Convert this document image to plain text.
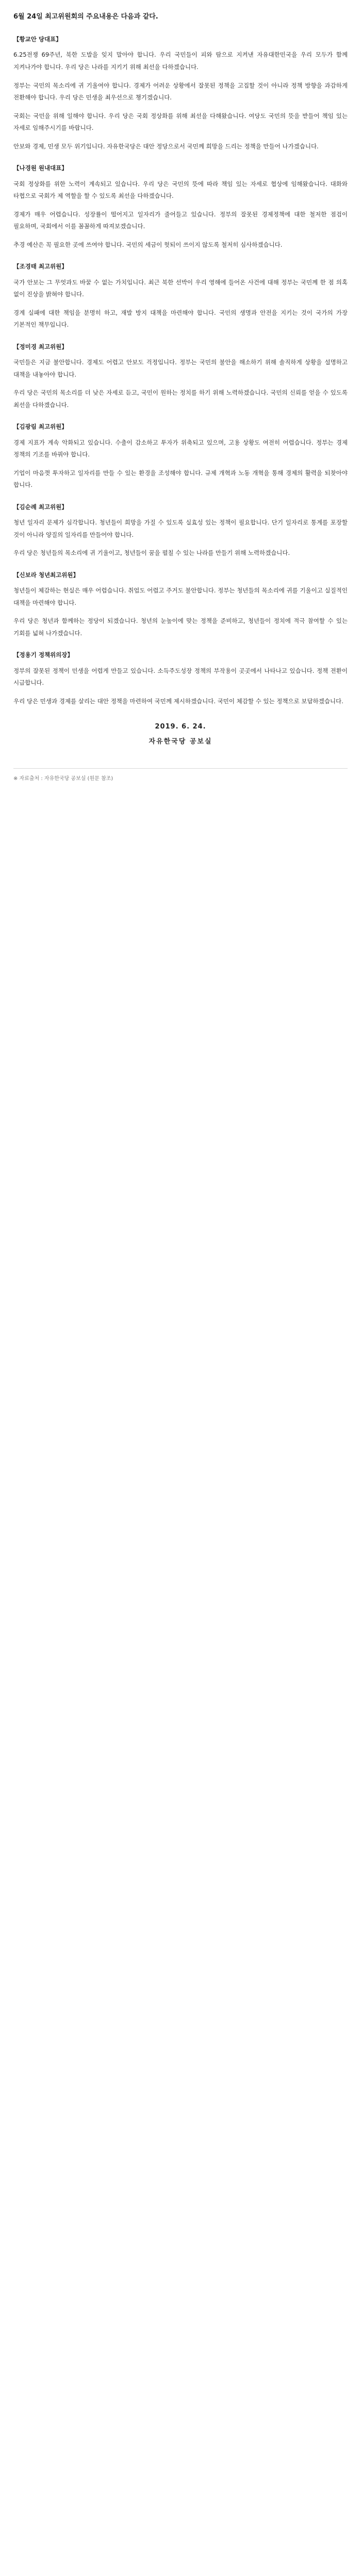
6월 24일 최고위원회의 주요내용은 다음과 같다.
【황교안 당대표】

6.25전쟁 69주년, 북한 도발을 잊지 말아야 합니다. 우리 국민들이 피와 땀으로 지켜낸 자유대한민국을 우리 모두가 함께 지켜나가야 합니다. 우리 당은 나라를 지키기 위해 최선을 다하겠습니다.

정부는 국민의 목소리에 귀 기울여야 합니다. 경제가 어려운 상황에서 잘못된 정책을 고집할 것이 아니라 정책 방향을 과감하게 전환해야 합니다. 우리 당은 민생을 최우선으로 챙기겠습니다.

국회는 국민을 위해 일해야 합니다. 우리 당은 국회 정상화를 위해 최선을 다해왔습니다. 여당도 국민의 뜻을 받들어 책임 있는 자세로 임해주시기를 바랍니다.

안보와 경제, 민생 모두 위기입니다. 자유한국당은 대안 정당으로서 국민께 희망을 드리는 정책을 만들어 나가겠습니다.

【나경원 원내대표】

국회 정상화를 위한 노력이 계속되고 있습니다. 우리 당은 국민의 뜻에 따라 책임 있는 자세로 협상에 임해왔습니다. 대화와 타협으로 국회가 제 역할을 할 수 있도록 최선을 다하겠습니다.

경제가 매우 어렵습니다. 성장률이 떨어지고 일자리가 줄어들고 있습니다. 정부의 잘못된 경제정책에 대한 철저한 점검이 필요하며, 국회에서 이를 꼼꼼하게 따져보겠습니다.

추경 예산은 꼭 필요한 곳에 쓰여야 합니다. 국민의 세금이 헛되이 쓰이지 않도록 철저히 심사하겠습니다.

【조경태 최고위원】

국가 안보는 그 무엇과도 바꿀 수 없는 가치입니다. 최근 북한 선박이 우리 영해에 들어온 사건에 대해 정부는 국민께 한 점 의혹 없이 진상을 밝혀야 합니다.

경계 실패에 대한 책임을 분명히 하고, 재발 방지 대책을 마련해야 합니다. 국민의 생명과 안전을 지키는 것이 국가의 가장 기본적인 책무입니다.

【정미경 최고위원】

국민들은 지금 불안합니다. 경제도 어렵고 안보도 걱정입니다. 정부는 국민의 불안을 해소하기 위해 솔직하게 상황을 설명하고 대책을 내놓아야 합니다.

우리 당은 국민의 목소리를 더 낮은 자세로 듣고, 국민이 원하는 정치를 하기 위해 노력하겠습니다. 국민의 신뢰를 얻을 수 있도록 최선을 다하겠습니다.

【김광림 최고위원】

경제 지표가 계속 악화되고 있습니다. 수출이 감소하고 투자가 위축되고 있으며, 고용 상황도 여전히 어렵습니다. 정부는 경제 정책의 기조를 바꿔야 합니다.

기업이 마음껏 투자하고 일자리를 만들 수 있는 환경을 조성해야 합니다. 규제 개혁과 노동 개혁을 통해 경제의 활력을 되찾아야 합니다.

【김순례 최고위원】

청년 일자리 문제가 심각합니다. 청년들이 희망을 가질 수 있도록 실효성 있는 정책이 필요합니다. 단기 일자리로 통계를 포장할 것이 아니라 양질의 일자리를 만들어야 합니다.

우리 당은 청년들의 목소리에 귀 기울이고, 청년들이 꿈을 펼칠 수 있는 나라를 만들기 위해 노력하겠습니다.

【신보라 청년최고위원】

청년들이 체감하는 현실은 매우 어렵습니다. 취업도 어렵고 주거도 불안합니다. 정부는 청년들의 목소리에 귀를 기울이고 실질적인 대책을 마련해야 합니다.

우리 당은 청년과 함께하는 정당이 되겠습니다. 청년의 눈높이에 맞는 정책을 준비하고, 청년들이 정치에 적극 참여할 수 있는 기회를 넓혀 나가겠습니다.

【정용기 정책위의장】

정부의 잘못된 정책이 민생을 어렵게 만들고 있습니다. 소득주도성장 정책의 부작용이 곳곳에서 나타나고 있습니다. 정책 전환이 시급합니다.

우리 당은 민생과 경제를 살리는 대안 정책을 마련하여 국민께 제시하겠습니다. 국민이 체감할 수 있는 정책으로 보답하겠습니다.

2019. 6. 24.
자유한국당 공보실
※ 자료출처 : 자유한국당 공보실 (원문 참조)
